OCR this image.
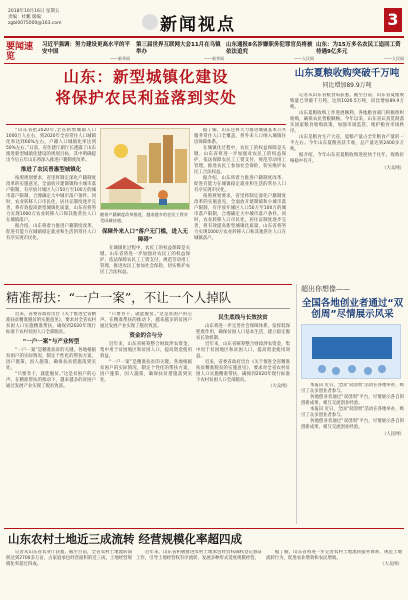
2018年10月16日 星期五
责编：杜鹏 版编：
zgbl0075000@163.com	新闻视点	3
要闻速览
习近平强调：努力建设更高水平的平安中国
——新华网
第三届世界互联网大会11月在乌镇举办
——新华网
山东通报8名涉嫌职务犯罪官员将被依法追究
——人民网
山东：为15万多名农民工追回工资待遇9亿多元
——人民网
山东：新型城镇化建设
将保护农民利益落到实处

“山东省把2020年,全省新增城镇人口1000万人左右，到2020年全省常住人口城镇化率达到60%左右，户籍人口城镇化率达到50%左右。”日前，省住建厅副厅长透露了山东推进新型城镇化建设的规划目标，其中明确提出今后五年山东将深入推进户籍制度改革。

推进了农民普惠型城镇化

按照规划要求，省里将制定深化户籍制度改革的实施意见，全面放开建制镇和小城市落户限制，有序放开城区人口50万至100万的城市落户限制，合理确定大中城市落户条件。同时，农业转移人口市民化，居住证制度逐步完善，将有效提高新型城镇化质量，山东省将努力实现1000万农业转移人口和其他常住人口在城镇落户。

据介绍，山东将着力推进户籍制度改革，促进有能力在城镇稳定就业和生活的常住人口有序实现市民化。

随着户籍制度改革推进，越来越多的农民工将享受同城待遇。
保障外来人口“落户无门槛，进入无障碍”

在城镇化过程中，农民工的权益保障是关键。山东省将进一步加强对农民工的权益保护，依法保障农民工工资支付，规范劳动用工管理，推进农民工参加社会保险，切实维护农民工合法权益。

据了解，山东还将大力推进城镇基本公共服务常住人口全覆盖，将外来人口纳入城镇住房保障体系。

在城镇化过程中，农民工的权益保障是关键。山东省将进一步加强对农民工的权益保护，依法保障农民工工资支付，规范劳动用工管理，推进农民工参加社会保险，切实维护农民工合法权益。

据介绍，山东将着力推进户籍制度改革，促进有能力在城镇稳定就业和生活的常住人口有序实现市民化。

按照规划要求，省里将制定深化户籍制度改革的实施意见，全面放开建制镇和小城市落户限制，有序放开城区人口50万至100万的城市落户限制，合理确定大中城市落户条件。同时，农业转移人口市民化，居住证制度逐步完善，将有效提高新型城镇化质量，山东省将努力实现1000万农业转移人口和其他常住人口在城镇落户。

山东夏粮收购突破千万吨
同比增加89.9万吨

记者从山东省粮食局获悉，截至目前，山东省夏粮收购量已突破千万吨，达到1026.5万吨，同比增加89.9万吨。

山东夏粮收购工作进展顺利，各地粮食部门积极组织收购，确保农民售粮顺畅。今年以来，山东省认真贯彻落实国家粮食收购政策，加强市场监管，维护粮食市场秩序。

山东是粮食生产大省，夏粮产量占全年粮食产量的一半左右。今年山东夏粮喜获丰收，总产量达到2400多万吨。

据介绍，今年山东省夏粮收购进度快于往年，收购价格稳中有升。

（大众网）
精准帮扶：“一户一案”，不让一个人掉队

近来，省委省政府出台《关于推进全省精准扶贫精准脱贫的实施意见》，要求对全省农村贫困人口实施精准帮扶，确保到2020年现行标准下农村贫困人口全部脱贫。

“一户一案”与产业转型

“一户一案”是精准扶贫的关键。各地根据贫困户的实际情况，制定个性化的帮扶方案，因户施策、因人施策，确保扶贫措施落到实处。

“只要肯干，就能脱贫。”这是贫困户的心声。在精准帮扶的推动下，越来越多的贫困户通过发展产业实现了脱贫致富。

“只要肯干，就能脱贫。”这是贫困户的心声。在精准帮扶的推动下，越来越多的贫困户通过发展产业实现了脱贫致富。

资金的合与分

近年来，山东省统筹整合财政涉农资金，集中用于贫困地区和贫困人口，提高资金使用效益。

“一户一案”是精准扶贫的关键。各地根据贫困户的实际情况，制定个性化的帮扶方案，因户施策、因人施策，确保扶贫措施落到实处。

民生底线与长效扶贫

山东将进一步完善社会保障体系，发挥低保兜底作用，确保贫困人口基本生活，建立稳定脱贫长效机制。

近年来，山东省统筹整合财政涉农资金，集中用于贫困地区和贫困人口，提高资金使用效益。

近来，省委省政府出台《关于推进全省精准扶贫精准脱贫的实施意见》，要求对全省农村贫困人口实施精准帮扶，确保到2020年现行标准下农村贫困人口全部脱贫。

（大众网）
超出你想像——
全国各地创业者通过“双创周”尽情展示风采

本报讯 近日，全国“双创周”活动在各地举办，吸引了众多创业者参与。

各地创业者通过“双创周”平台，尽情展示各自的创新成果，相互交流创业经验。

本报讯 近日，全国“双创周”活动在各地举办，吸引了众多创业者参与。

各地创业者通过“双创周”平台，尽情展示各自的创新成果，相互交流创业经验。

（人民网）
山东农村土地近三成流转 经营规模化率超四成

记者从山东省农业厅获悉，截至目前，全省农村土地流转面积达到2700多万亩，占家庭承包经营面积的近三成，土地经营规模化率超过四成。

近年来，山东省积极推进农村土地承包经营权确权登记颁证工作，引导土地经营权有序流转，发展多种形式适度规模经营。

据了解，山东省将进一步完善农村土地流转服务体系，规范土地流转行为，促进农业增效和农民增收。

（大众网）
